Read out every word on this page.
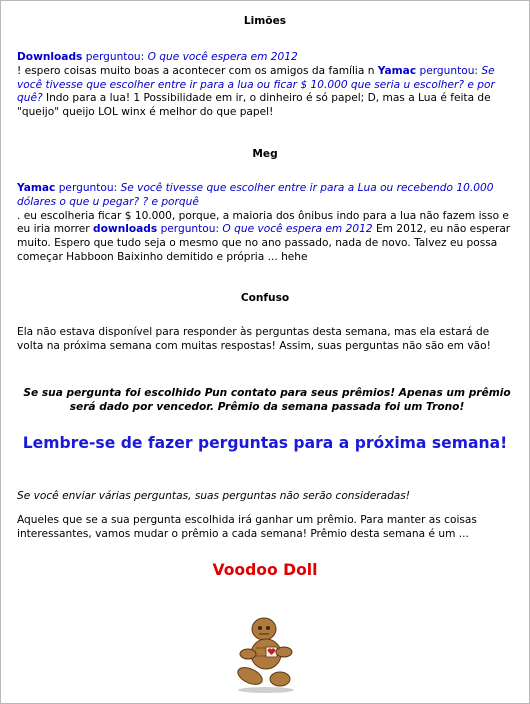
Limões
Downloads perguntou: O que você espera em 2012
! espero coisas muito boas a acontecer com os amigos da família n Yamac perguntou: Se você tivesse que escolher entre ir para a lua ou ficar $ 10.000 que seria u escolher? e por quê? Indo para a lua! 1 Possibilidade em ir, o dinheiro é só papel; D, mas a Lua é feita de "queijo" queijo LOL winx é melhor do que papel!
Meg
Yamac perguntou: Se você tivesse que escolher entre ir para a Lua ou recebendo 10.000 dólares o que u pegar? ? e porquê
. eu escolheria ficar $ 10.000, porque, a maioria dos ônibus indo para a lua não fazem isso e eu iria morrer downloads perguntou: O que você espera em 2012 Em 2012, eu não esperar muito. Espero que tudo seja o mesmo que no ano passado, nada de novo. Talvez eu possa começar Habboon Baixinho demitido e própria ... hehe
Confuso
Ela não estava disponível para responder às perguntas desta semana, mas ela estará de volta na próxima semana com muitas respostas! Assim, suas perguntas não são em vão!
Se sua pergunta foi escolhido Pun contato para seus prêmios! Apenas um prêmio será dado por vencedor. Prêmio da semana passada foi um Trono!
Lembre-se de fazer perguntas para a próxima semana!
Se você enviar várias perguntas, suas perguntas não serão consideradas!
Aqueles que se a sua pergunta escolhida irá ganhar um prêmio. Para manter as coisas interessantes, vamos mudar o prêmio a cada semana! Prêmio desta semana é um ...
Voodoo Doll
